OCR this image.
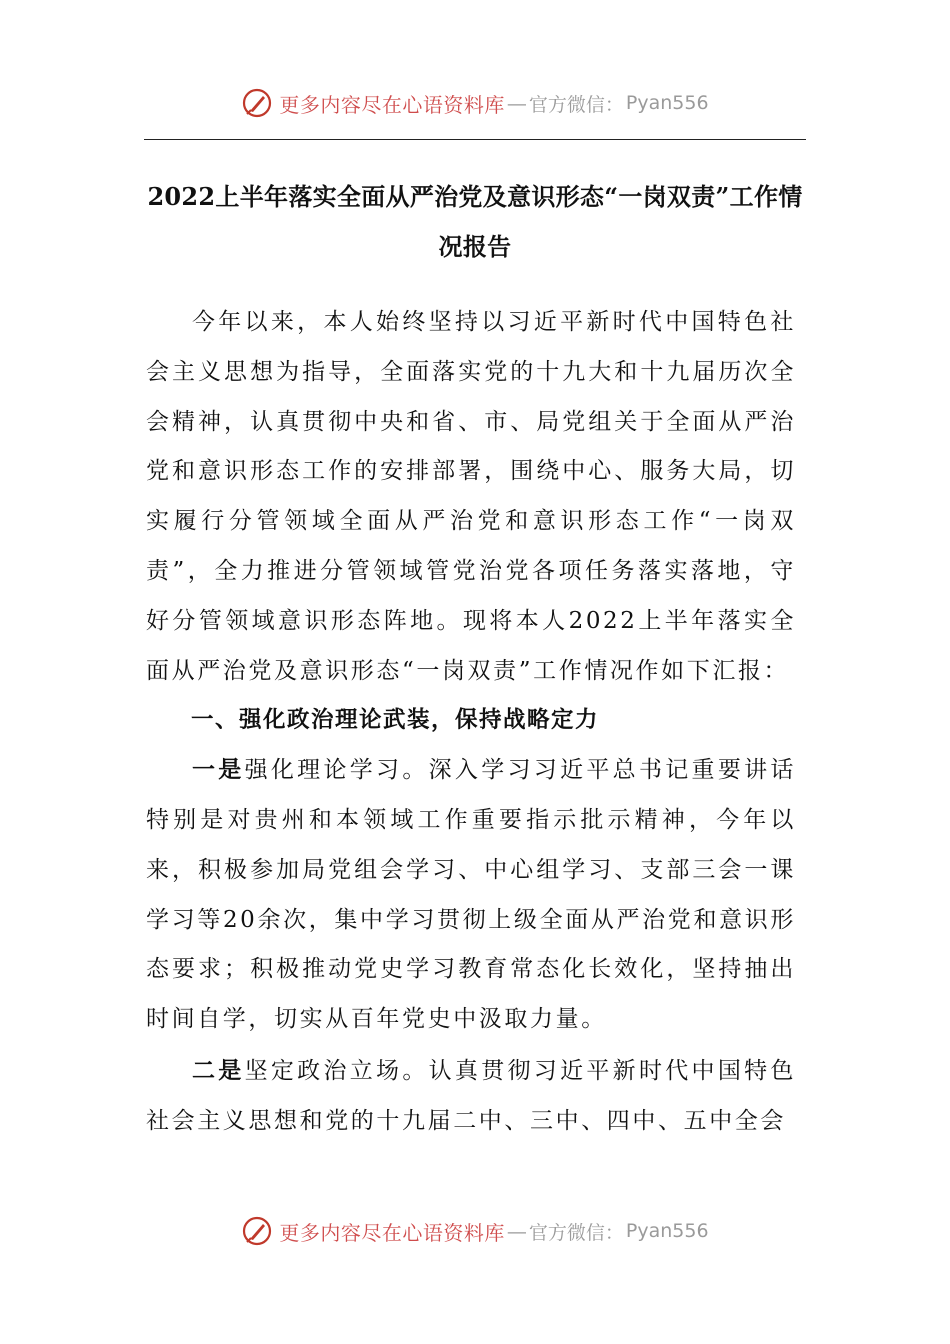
更多内容尽在心语资料库 — 官方微信： Pyan556
2022上半年落实全面从严治党及意识形态“一岗双责”工作情况报告

今年以来，本人始终坚持以习近平新时代中国特色社会主义思想为指导，全面落实党的十九大和十九届历次全会精神，认真贯彻中央和省、市、局党组关于全面从严治党和意识形态工作的安排部署，围绕中心、服务大局，切实履行分管领域全面从严治党和意识形态工作“一岗双责”，全力推进分管领域管党治党各项任务落实落地，守好分管领域意识形态阵地。现将本人2022上半年落实全面从严治党及意识形态“一岗双责”工作情况作如下汇报：

一、强化政治理论武装，保持战略定力

一是强化理论学习。深入学习习近平总书记重要讲话特别是对贵州和本领域工作重要指示批示精神，今年以来，积极参加局党组会学习、中心组学习、支部三会一课学习等20余次，集中学习贯彻上级全面从严治党和意识形态要求；积极推动党史学习教育常态化长效化，坚持抽出时间自学，切实从百年党史中汲取力量。

二是坚定政治立场。认真贯彻习近平新时代中国特色社会主义思想和党的十九届二中、三中、四中、五中全会

更多内容尽在心语资料库 — 官方微信： Pyan556
